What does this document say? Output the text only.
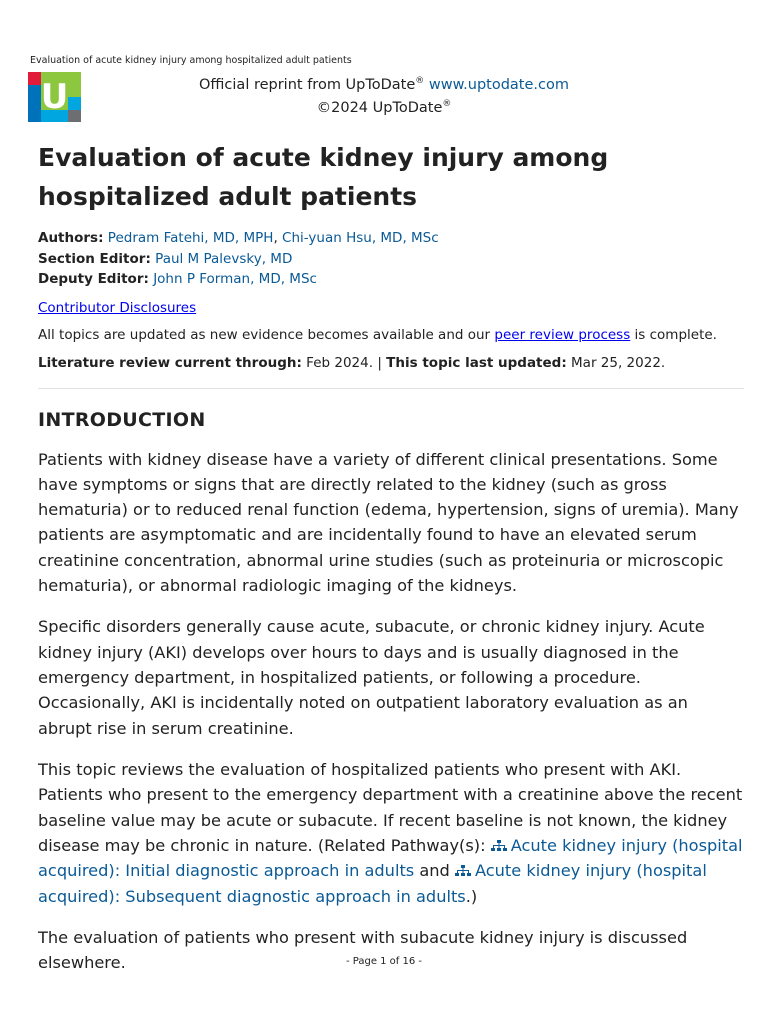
Evaluation of acute kidney injury among hospitalized adult patients
U	Official reprint from UpToDate® www.uptodate.com
©2024 UpToDate®
Evaluation of acute kidney injury among hospitalized adult patients
Authors: Pedram Fatehi, MD, MPH, Chi-yuan Hsu, MD, MSc
Section Editor: Paul M Palevsky, MD
Deputy Editor: John P Forman, MD, MSc
Contributor Disclosures
All topics are updated as new evidence becomes available and our peer review process is complete.
Literature review current through: Feb 2024. | This topic last updated: Mar 25, 2022.
INTRODUCTION

Patients with kidney disease have a variety of different clinical presentations. Some have symptoms or signs that are directly related to the kidney (such as gross hematuria) or to reduced renal function (edema, hypertension, signs of uremia). Many patients are asymptomatic and are incidentally found to have an elevated serum creatinine concentration, abnormal urine studies (such as proteinuria or microscopic hematuria), or abnormal radiologic imaging of the kidneys.

Specific disorders generally cause acute, subacute, or chronic kidney injury. Acute kidney injury (AKI) develops over hours to days and is usually diagnosed in the emergency department, in hospitalized patients, or following a procedure. Occasionally, AKI is incidentally noted on outpatient laboratory evaluation as an abrupt rise in serum creatinine.

This topic reviews the evaluation of hospitalized patients who present with AKI. Patients who present to the emergency department with a creatinine above the recent baseline value may be acute or subacute. If recent baseline is not known, the kidney disease may be chronic in nature. (Related Pathway(s): Acute kidney injury (hospital acquired): Initial diagnostic approach in adults and Acute kidney injury (hospital acquired): Subsequent diagnostic approach in adults.)

The evaluation of patients who present with subacute kidney injury is discussed elsewhere.	- Page 1 of 16 -
